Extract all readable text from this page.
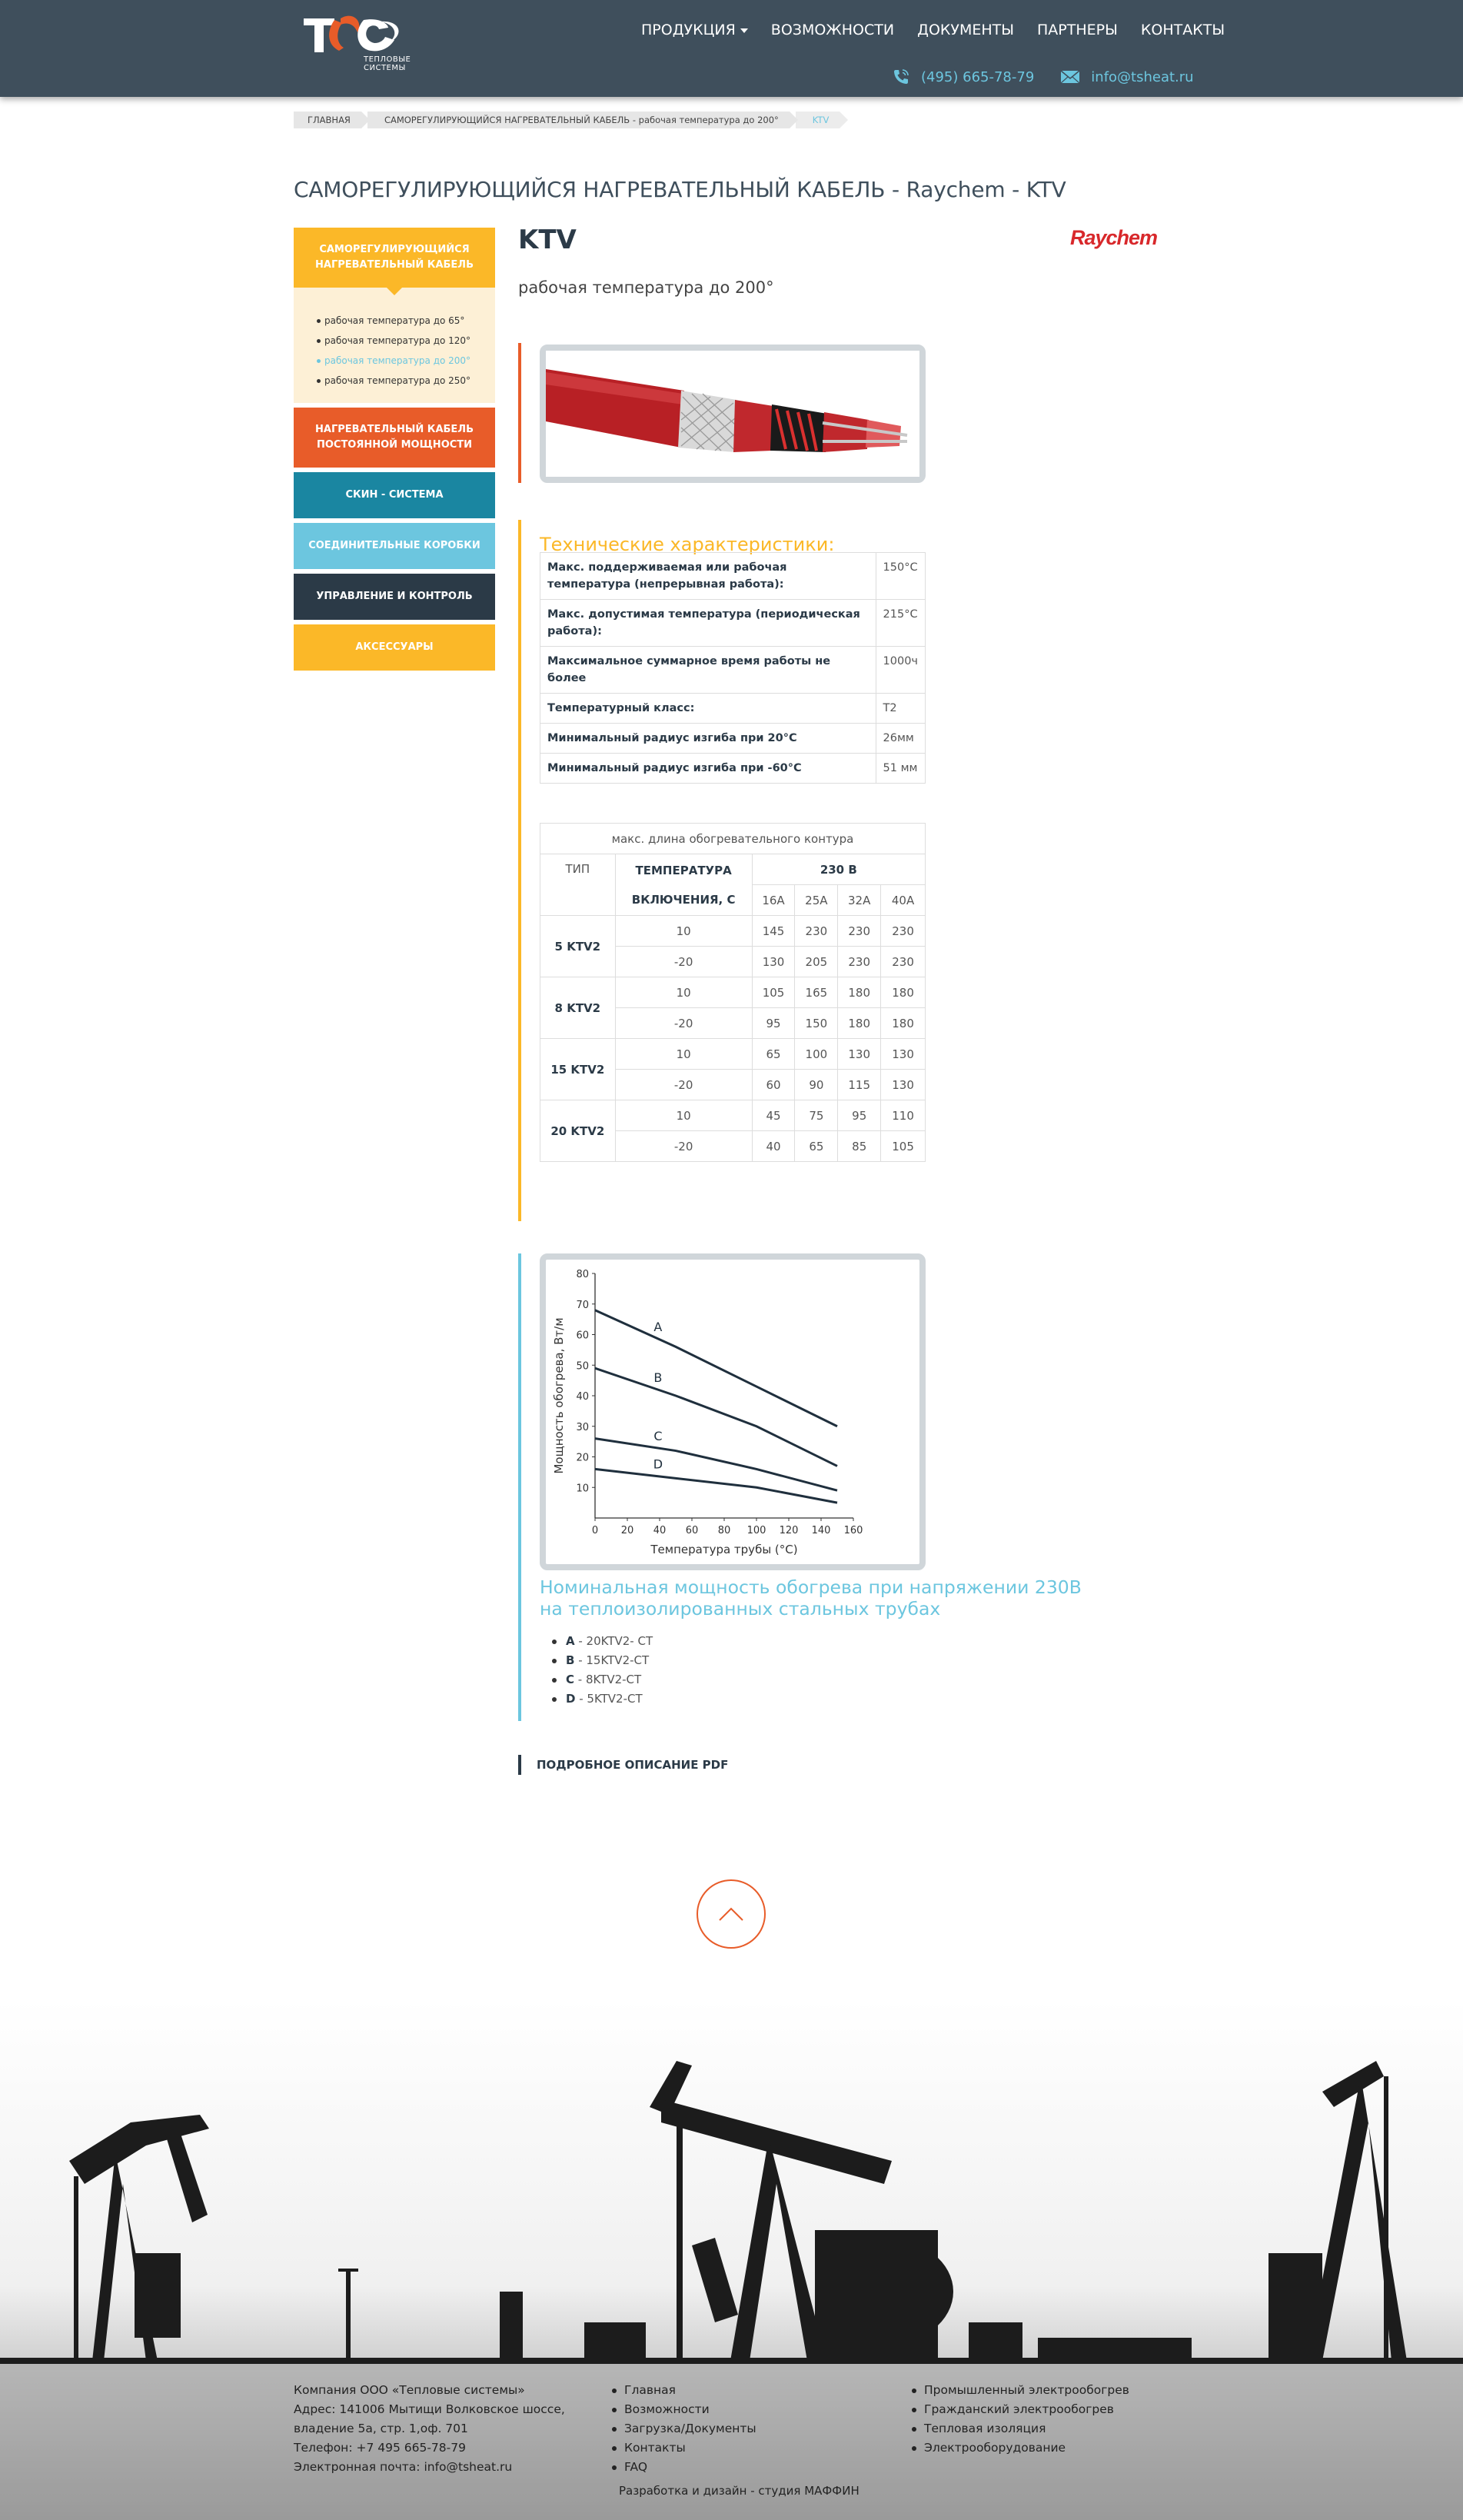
ТЕПЛОВЫЕ
СИСТЕМЫ
ПРОДУКЦИЯ	ВОЗМОЖНОСТИ ДОКУМЕНТЫ ПАРТНЕРЫ КОНТАКТЫ
(495) 665-78-79	info@tsheat.ru
ГЛАВНАЯ	САМОРЕГУЛИРУЮЩИЙСЯ НАГРЕВАТЕЛЬНЫЙ КАБЕЛЬ - рабочая температура до 200°	KTV
САМОРЕГУЛИРУЮЩИЙСЯ НАГРЕВАТЕЛЬНЫЙ КАБЕЛЬ - Raychem - KTV
САМОРЕГУЛИРУЮЩИЙСЯ НАГРЕВАТЕЛЬНЫЙ КАБЕЛЬ
рабочая температура до 65°
рабочая температура до 120°
рабочая температура до 200°
рабочая температура до 250°
НАГРЕВАТЕЛЬНЫЙ КАБЕЛЬ ПОСТОЯННОЙ МОЩНОСТИ
СКИН - СИСТЕМА
СОЕДИНИТЕЛЬНЫЕ КОРОБКИ
УПРАВЛЕНИЕ И КОНТРОЛЬ
АКСЕССУАРЫ
KTV
рабочая температура до 200°
Raychem
Технические характеристики:
Макс. поддерживаемая или рабочая температура (непрерывная работа):	150°C
Макс. допустимая температура (периодическая работа):	215°C
Максимальное суммарное время работы не более	1000ч
Температурный класс:	T2
Минимальный радиус изгиба при 20°C	26мм
Минимальный радиус изгиба при -60°C	51 мм
макс. длина обогревательного контура					
ТИП	ТЕМПЕРАТУРА ВКЛЮЧЕНИЯ, С	230 В			
		16A	25A	32A	40A
5 KTV2	10	145	230	230	230
	-20	130	205	230	230
8 KTV2	10	105	165	180	180
	-20	95	150	180	180
15 KTV2	10	65	100	130	130
	-20	60	90	115	130
20 KTV2	10	45	75	95	110
	-20	40	65	85	105
0 20 40 60 80 100 120 140 160
10
20
30
40
50
60
70
80
Температура трубы (°C)
Мощность обогрева, Вт/м	A
B
C
D
Номинальная мощность обогрева при напряжении 230В на теплоизолированных стальных трубах
A - 20KTV2- CT
B - 15KTV2-CT
C - 8KTV2-CT
D - 5KTV2-CT
ПОДРОБНОЕ ОПИСАНИЕ PDF
Компания ООО «Тепловые системы»
Адрес: 141006 Мытищи Волковское шоссе,
владение 5а, стр. 1,оф. 701
Телефон: +7 495 665-78-79
Электронная почта: info@tsheat.ru
Главная
Возможности
Загрузка/Документы
Контакты
FAQ
Промышленный электрообогрев
Гражданский электрообогрев
Тепловая изоляция
Электрооборудование
Разработка и дизайн - студия МАФФИН
